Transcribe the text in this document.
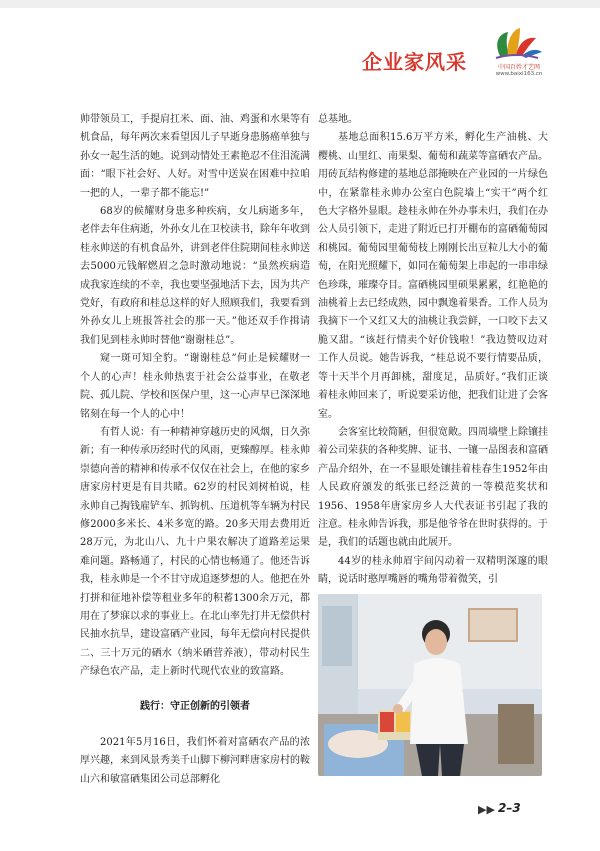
企业家风采	中国百姓才艺网
www.baixi163.cn

帅带领员工，手提肩扛米、面、油、鸡蛋和水果等有机食品，每年两次来看望因儿子早逝身患肠癌单独与孙女一起生活的她。说到动情处王素艳忍不住泪流满面：“眼下社会好、人好。对雪中送炭在困难中拉咱一把的人，一辈子都不能忘!”

68岁的候耀财身患多种疾病，女儿病逝多年，老伴去年住病逝，外孙女儿在卫校读书，除年年收到桂永帅送的有机食品外，讲到老伴住院期间桂永帅送去5000元钱解燃眉之急时激动地说：“虽然疾病造成我家连续的不幸，我也要坚强地活下去，因为共产党好，有政府和桂总这样的好人照顾我们，我要看到外孙女儿上班报答社会的那一天。”他还双手作揖请我们见到桂永帅时替他“谢谢桂总”。

窥一斑可知全豹。“谢谢桂总”何止是候耀财一个人的心声！桂永帅热衷于社会公益事业，在敬老院、孤儿院、学校和医保户里，这一心声早已深深地铭刻在每一个人的心中！

有哲人说：有一种精神穿越历史的风烟，日久弥新；有一种传承历经时代的风雨，更臻醇厚。桂永帅崇德向善的精神和传承不仅仅在社会上，在他的家乡唐家房村更是有目共睹。62岁的村民刘树柏说，桂永帅自己掏钱雇铲车、抓钩机、压道机等车辆为村民修2000多米长、4米多宽的路。20多天用去费用近28万元，为北山八、九十户果农解决了道路差运果难问题。路畅通了，村民的心情也畅通了。他还告诉我，桂永帅是一个不甘守成追逐梦想的人。他把在外打拼和征地补偿等租业多年的积蓄1300余万元，都用在了梦寐以求的事业上。在北山率先打井无偿供村民抽水抗旱，建设富硒产业园，每年无偿向村民提供二、三十万元的硒水（纳米硒营养液），带动村民生产绿色农产品，走上新时代现代农业的致富路。

践行：守正创新的引领者

2021年5月16日，我们怀着对富硒农产品的浓厚兴趣，来到风景秀美千山脚下柳河畔唐家房村的鞍山六和敏富硒集团公司总部孵化

总基地。

基地总面积15.6万平方米，孵化生产油桃、大樱桃、山里红、南果梨、葡萄和蔬菜等富硒农产品。用砖瓦结构修建的基地总部掩映在产业园的一片绿色中，在紧靠桂永帅办公室白色院墙上“实干”两个红色大字格外显眼。趁桂永帅在外办事未归，我们在办公人员引领下，走进了附近已打开棚布的富硒葡萄园和桃园。葡萄园里葡萄枝上刚刚长出豆粒儿大小的葡萄，在阳光照耀下，如同在葡萄架上串起的一串串绿色珍珠，璀璨夺目。富硒桃园里硕果累累，红艳艳的油桃着上去已经成熟，园中飘逸着果香。工作人员为我摘下一个又红又大的油桃让我尝鲜，一口咬下去又脆又甜。“该赶行情卖个好价钱啦！”我边赞叹边对工作人员说。她告诉我，“桂总说不要行情要品质，等十天半个月再卸桃，甜度足，品质好。”我们正谈着桂永帅回来了，听说要采访他，把我们让进了会客室。

会客室比较简陋，但很宽敞。四周墙壁上除镶挂着公司荣获的各种奖牌、证书、一镶一品图表和富硒产品介绍外，在一不显眼处镶挂着桂春生1952年由人民政府颁发的纸张已经泛黄的一等模范奖状和1956、1958年唐家房乡人大代表证书引起了我的注意。桂永帅告诉我，那是他爷爷在世时获得的。于是，我们的话题也就由此展开。

44岁的桂永帅眉宇间闪动着一双精明深邃的眼睛，说话时憨厚嘴唇的嘴角带着微笑，引

▶▶ 2–3
